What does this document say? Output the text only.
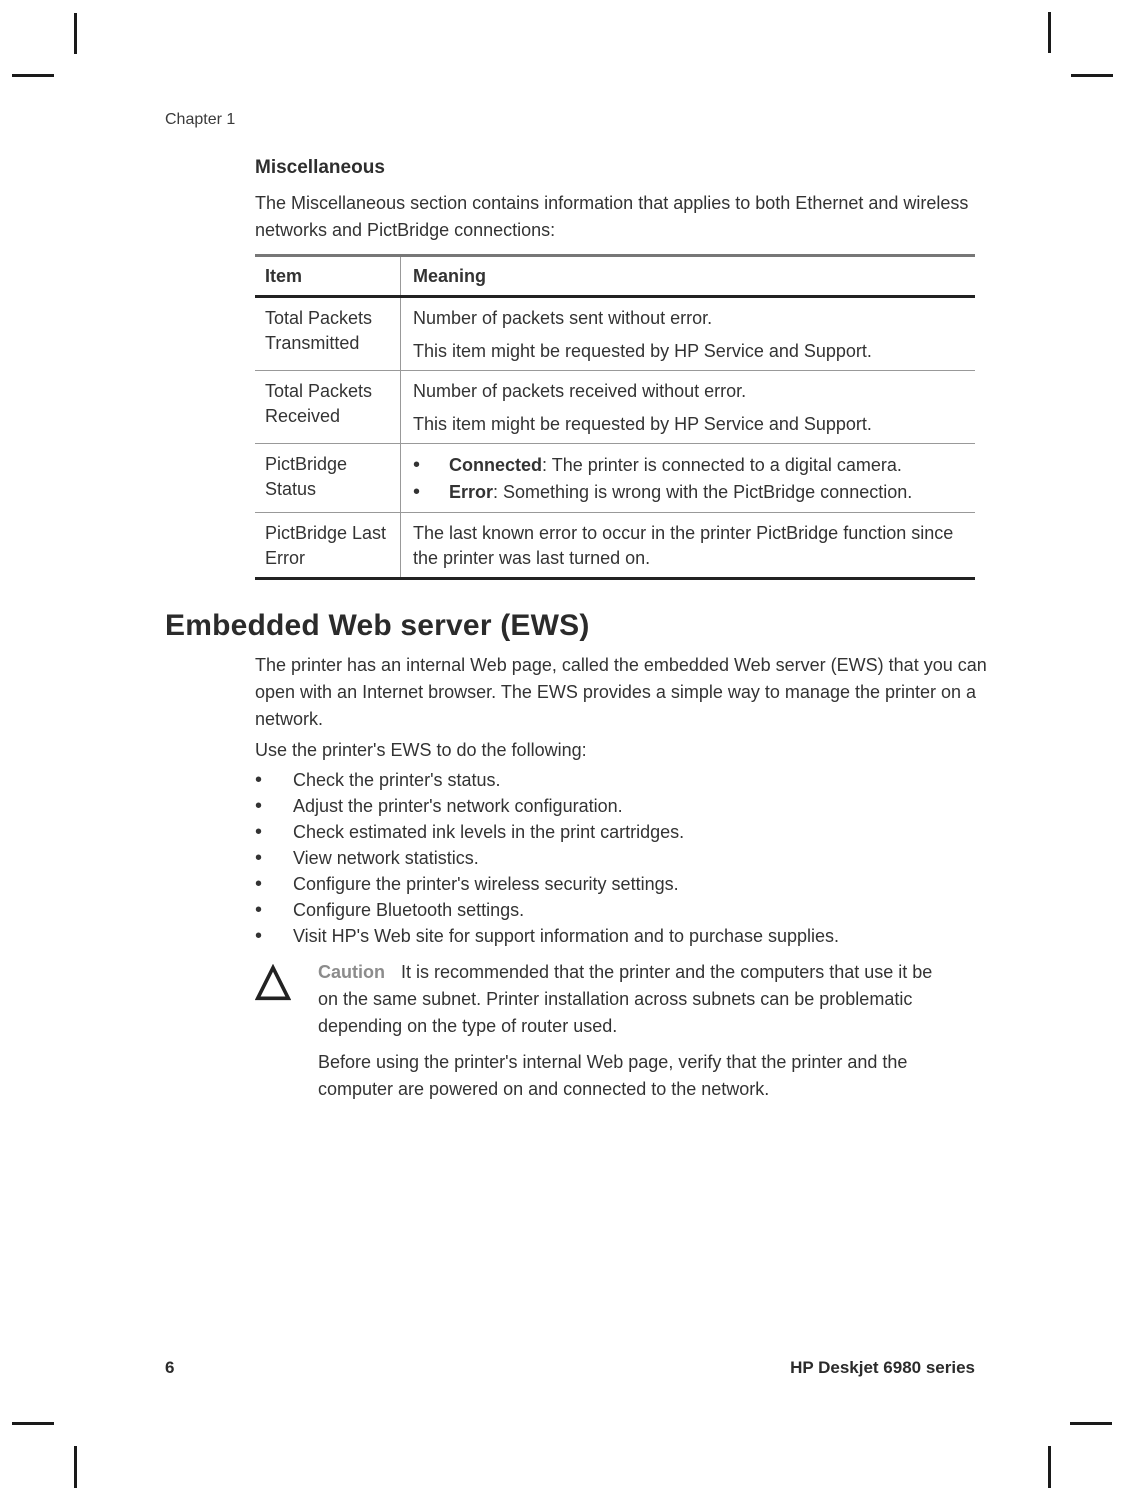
Chapter 1
Miscellaneous

The Miscellaneous section contains information that applies to both Ethernet and wireless networks and PictBridge connections:

Item	Meaning
Total Packets Transmitted

Number of packets sent without error.

This item might be requested by HP Service and Support.

Total Packets Received

Number of packets received without error.

This item might be requested by HP Service and Support.

PictBridge Status
•
Connected: The printer is connected to a digital camera.
•
Error: Something is wrong with the PictBridge connection.
PictBridge Last Error

The last known error to occur in the printer PictBridge function since the printer was last turned on.

Embedded Web server (EWS)

The printer has an internal Web page, called the embedded Web server (EWS) that you can open with an Internet browser. The EWS provides a simple way to manage the printer on a network.

Use the printer's EWS to do the following:

•
Check the printer's status.
•
Adjust the printer's network configuration.
•
Check estimated ink levels in the print cartridges.
•
View network statistics.
•
Configure the printer's wireless security settings.
•
Configure Bluetooth settings.
•
Visit HP's Web site for support information and to purchase supplies.
Caution It is recommended that the printer and the computers that use it be on the same subnet. Printer installation across subnets can be problematic depending on the type of router used.

Before using the printer's internal Web page, verify that the printer and the computer are powered on and connected to the network.

6	HP Deskjet 6980 series
